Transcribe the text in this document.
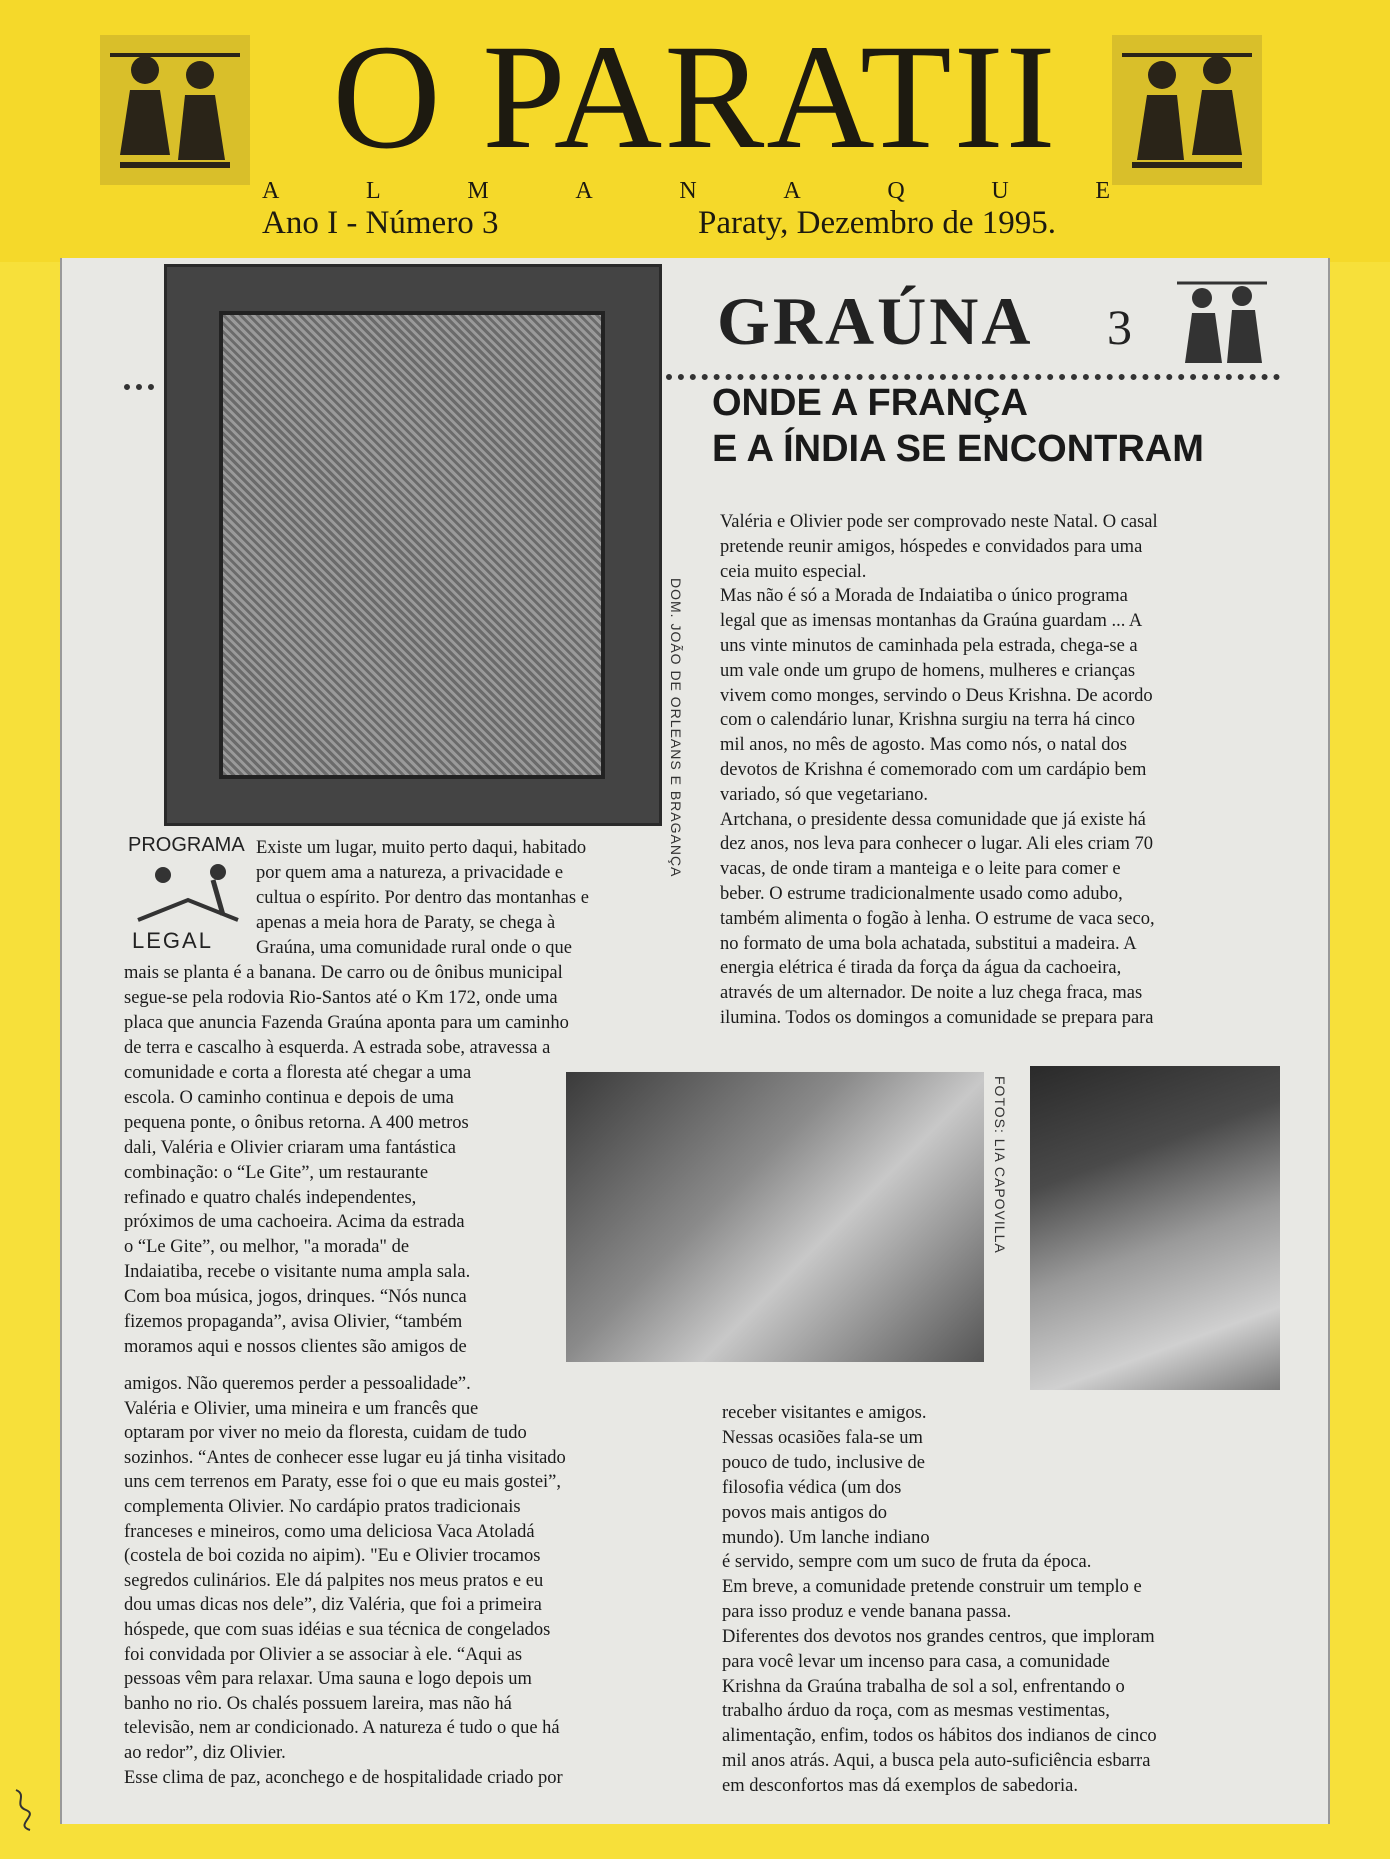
O PARATII
A	L	M	A	N	A	Q	U	E
Ano I - Número 3	Paraty, Dezembro de 1995.
DOM. JOÃO DE ORLEANS E BRAGANÇA
GRAÚNA 3
ONDE A FRANÇA
E A ÍNDIA SE ENCONTRAM
Valéria e Olivier pode ser comprovado neste Natal. O casal
pretende reunir amigos, hóspedes e convidados para uma
ceia muito especial.
Mas não é só a Morada de Indaiatiba o único programa
legal que as imensas montanhas da Graúna guardam ... A
uns vinte minutos de caminhada pela estrada, chega-se a
um vale onde um grupo de homens, mulheres e crianças
vivem como monges, servindo o Deus Krishna. De acordo
com o calendário lunar, Krishna surgiu na terra há cinco
mil anos, no mês de agosto. Mas como nós, o natal dos
devotos de Krishna é comemorado com um cardápio bem
variado, só que vegetariano.
Artchana, o presidente dessa comunidade que já existe há
dez anos, nos leva para conhecer o lugar. Ali eles criam 70
vacas, de onde tiram a manteiga e o leite para comer e
beber. O estrume tradicionalmente usado como adubo,
também alimenta o fogão à lenha. O estrume de vaca seco,
no formato de uma bola achatada, substitui a madeira. A
energia elétrica é tirada da força da água da cachoeira,
através de um alternador. De noite a luz chega fraca, mas
ilumina. Todos os domingos a comunidade se prepara para
PROGRAMA
LEGAL
Existe um lugar, muito perto daqui, habitado
por quem ama a natureza, a privacidade e
cultua o espírito. Por dentro das montanhas e
apenas a meia hora de Paraty, se chega à
Graúna, uma comunidade rural onde o que
mais se planta é a banana. De carro ou de ônibus municipal
segue-se pela rodovia Rio-Santos até o Km 172, onde uma
placa que anuncia Fazenda Graúna aponta para um caminho
de terra e cascalho à esquerda. A estrada sobe, atravessa a
comunidade e corta a floresta até chegar a uma
escola. O caminho continua e depois de uma
pequena ponte, o ônibus retorna. A 400 metros
dali, Valéria e Olivier criaram uma fantástica
combinação: o “Le Gite”, um restaurante
refinado e quatro chalés independentes,
próximos de uma cachoeira. Acima da estrada
o “Le Gite”, ou melhor, "a morada" de
Indaiatiba, recebe o visitante numa ampla sala.
Com boa música, jogos, drinques. “Nós nunca
fizemos propaganda”, avisa Olivier, “também
moramos aqui e nossos clientes são amigos de
FOTOS: LIA CAPOVILLA
amigos. Não queremos perder a pessoalidade”.
Valéria e Olivier, uma mineira e um francês que
optaram por viver no meio da floresta, cuidam de tudo
sozinhos. “Antes de conhecer esse lugar eu já tinha visitado
uns cem terrenos em Paraty, esse foi o que eu mais gostei”,
complementa Olivier. No cardápio pratos tradicionais
franceses e mineiros, como uma deliciosa Vaca Atoladá
(costela de boi cozida no aipim). "Eu e Olivier trocamos
segredos culinários. Ele dá palpites nos meus pratos e eu
dou umas dicas nos dele”, diz Valéria, que foi a primeira
hóspede, que com suas idéias e sua técnica de congelados
foi convidada por Olivier a se associar à ele. “Aqui as
pessoas vêm para relaxar. Uma sauna e logo depois um
banho no rio. Os chalés possuem lareira, mas não há
televisão, nem ar condicionado. A natureza é tudo o que há
ao redor”, diz Olivier.
Esse clima de paz, aconchego e de hospitalidade criado por
receber visitantes e amigos.
Nessas ocasiões fala-se um
pouco de tudo, inclusive de
filosofia védica (um dos
povos mais antigos do
mundo). Um lanche indiano
é servido, sempre com um suco de fruta da época.
Em breve, a comunidade pretende construir um templo e
para isso produz e vende banana passa.
Diferentes dos devotos nos grandes centros, que imploram
para você levar um incenso para casa, a comunidade
Krishna da Graúna trabalha de sol a sol, enfrentando o
trabalho árduo da roça, com as mesmas vestimentas,
alimentação, enfim, todos os hábitos dos indianos de cinco
mil anos atrás. Aqui, a busca pela auto-suficiência esbarra
em desconfortos mas dá exemplos de sabedoria.
